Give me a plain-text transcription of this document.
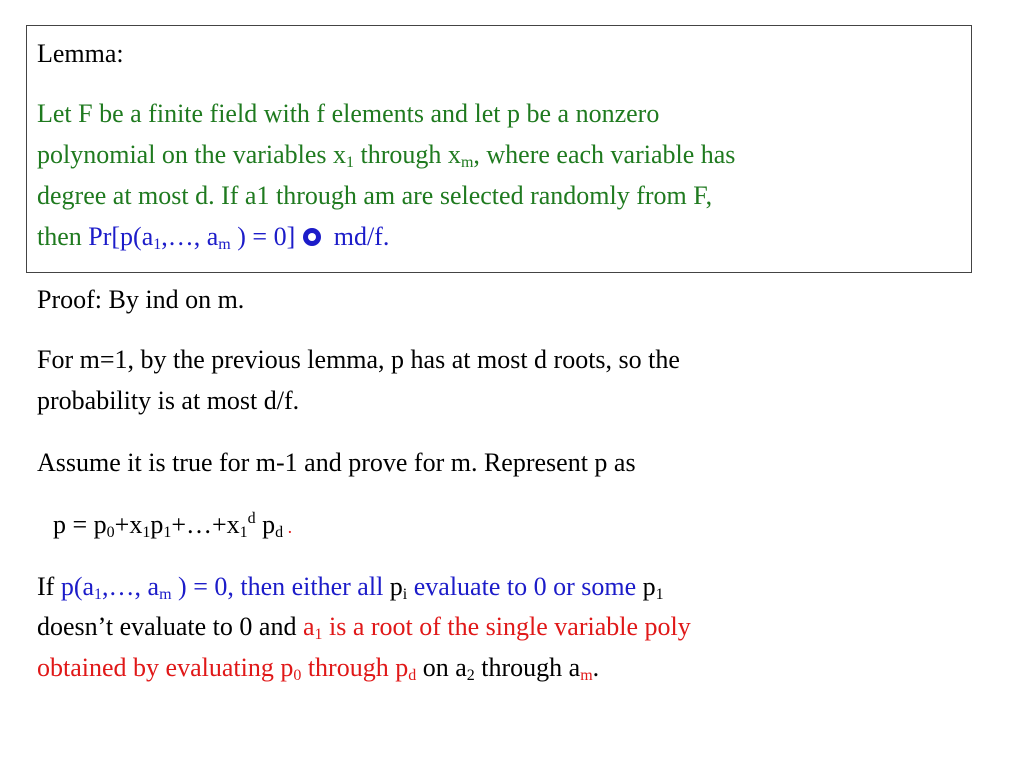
Lemma:
Let F be a finite field with f elements and let p be a nonzero
polynomial on the variables $x_1$ through $x_m$, where each variable has
degree at most d. If a1 through am are selected randomly from F,
then $Pr[p(a_1,\dots$, $a_m$ ) = 0] md/f.
Proof: By ind on m.
For m=1, by the previous lemma, p has at most d roots, so the
probability is at most d/f.
Assume it is true for m-1 and prove for m. Represent p as
$p = p_0+x_1p_1+\dots+x_1^d$ $p_d$ .
If $p(a_1,\dots$, $a_m$ ) = 0, then either all $p_i$ evaluate to 0 or some $p_1$
doesn’t evaluate to 0 and $a_1$ is a root of the single variable poly
obtained by evaluating $p_0$ through $p_d$ on $a_2$ through $a_m$.
